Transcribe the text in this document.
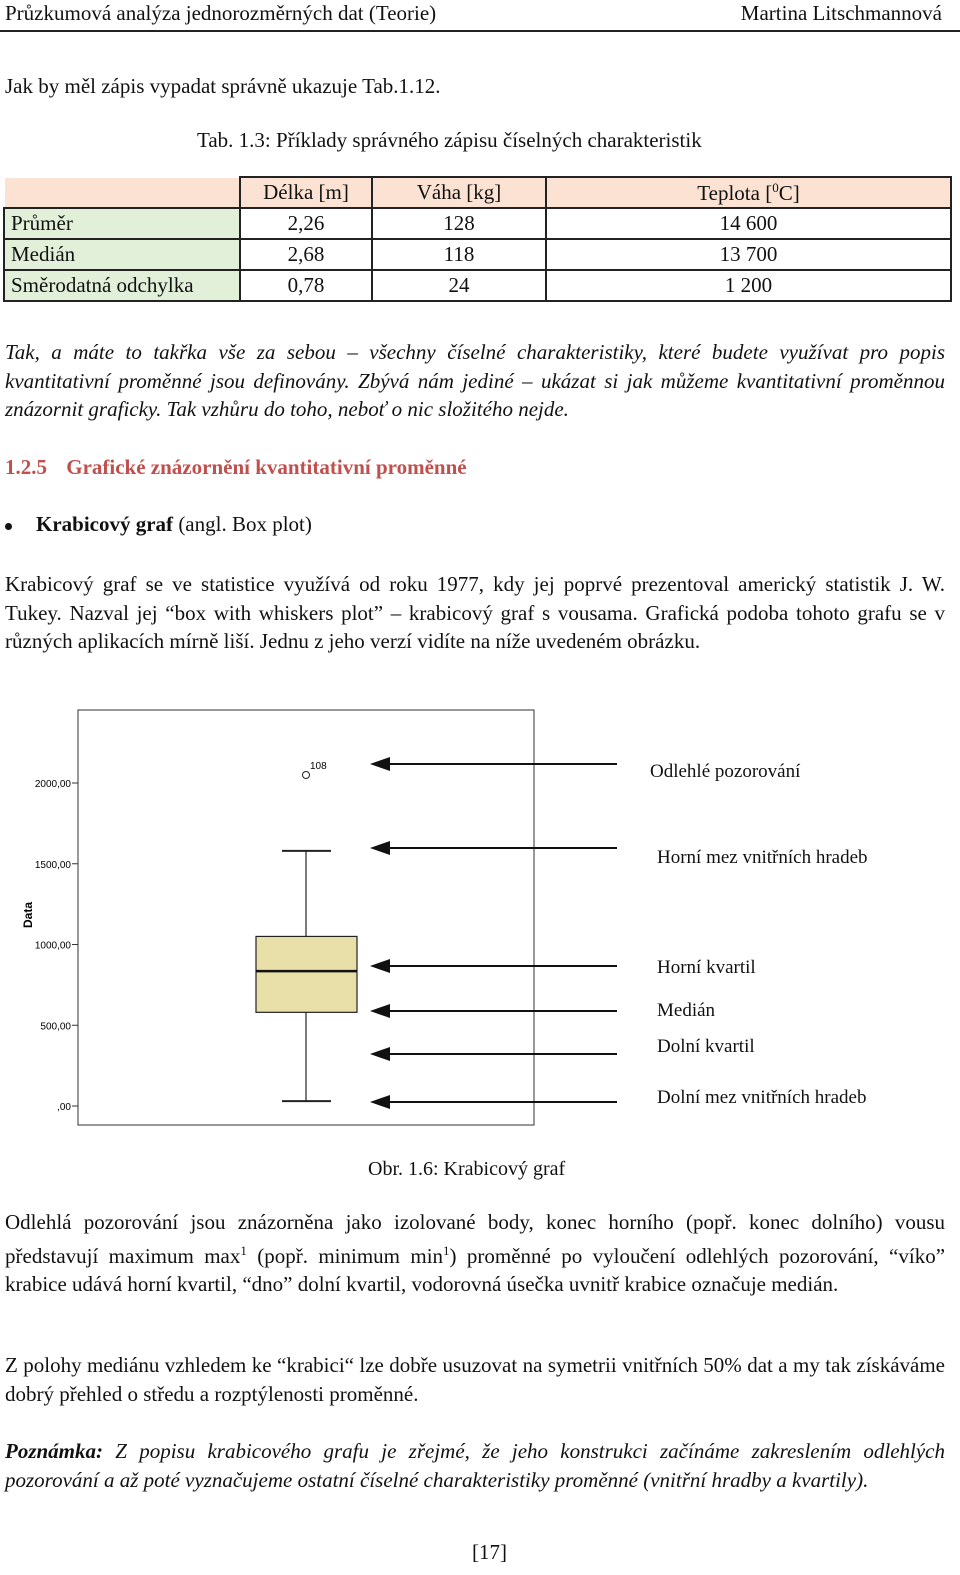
Průzkumová analýza jednorozměrných dat (Teorie)	Martina Litschmannová

Jak by měl zápis vypadat správně ukazuje Tab.1.12.

Tab. 1.3: Příklady správného zápisu číselných charakteristik
	Délka [m]	Váha [kg]	Teplota [$^0$C]
Průměr	2,26	128	14 600
Medián	2,68	118	13 700
Směrodatná odchylka	0,78	24	1 200

Tak, a máte to takřka vše za sebou – všechny číselné charakteristiky, které budete využívat pro popis kvantitativní proměnné jsou definovány. Zbývá nám jediné – ukázat si jak můžeme kvantitativní proměnnou znázornit graficky. Tak vzhůru do toho, neboť o nic složitého nejde.

1.2.5 Grafické znázornění kvantitativní proměnné
Krabicový graf (angl. Box plot)

Krabicový graf se ve statistice využívá od roku 1977, kdy jej poprvé prezentoval americký statistik J. W. Tukey. Nazval jej “box with whiskers plot” – krabicový graf s vousama. Grafická podoba tohoto grafu se v různých aplikacích mírně liší. Jednu z jeho verzí vidíte na níže uvedeném obrázku.

Data
2000,00
1500,00
1000,00
500,00
,00
108	Odlehlé pozorování
Horní mez vnitřních hradeb
Horní kvartil
Medián
Dolní kvartil
Dolní mez vnitřních hradeb
Obr. 1.6: Krabicový graf

Odlehlá pozorování jsou znázorněna jako izolované body, konec horního (popř. konec dolního) vousu představují maximum $\max^1$ (popř. minimum $\min^1$) proměnné po vyloučení odlehlých pozorování, “víko” krabice udává horní kvartil, “dno” dolní kvartil, vodorovná úsečka uvnitř krabice označuje medián.

Z polohy mediánu vzhledem ke “krabici“ lze dobře usuzovat na symetrii vnitřních 50% dat a my tak získáváme dobrý přehled o středu a rozptýlenosti proměnné.

Poznámka: Z popisu krabicového grafu je zřejmé, že jeho konstrukci začínáme zakreslením odlehlých pozorování a až poté vyznačujeme ostatní číselné charakteristiky proměnné (vnitřní hradby a kvartily).

[17]
